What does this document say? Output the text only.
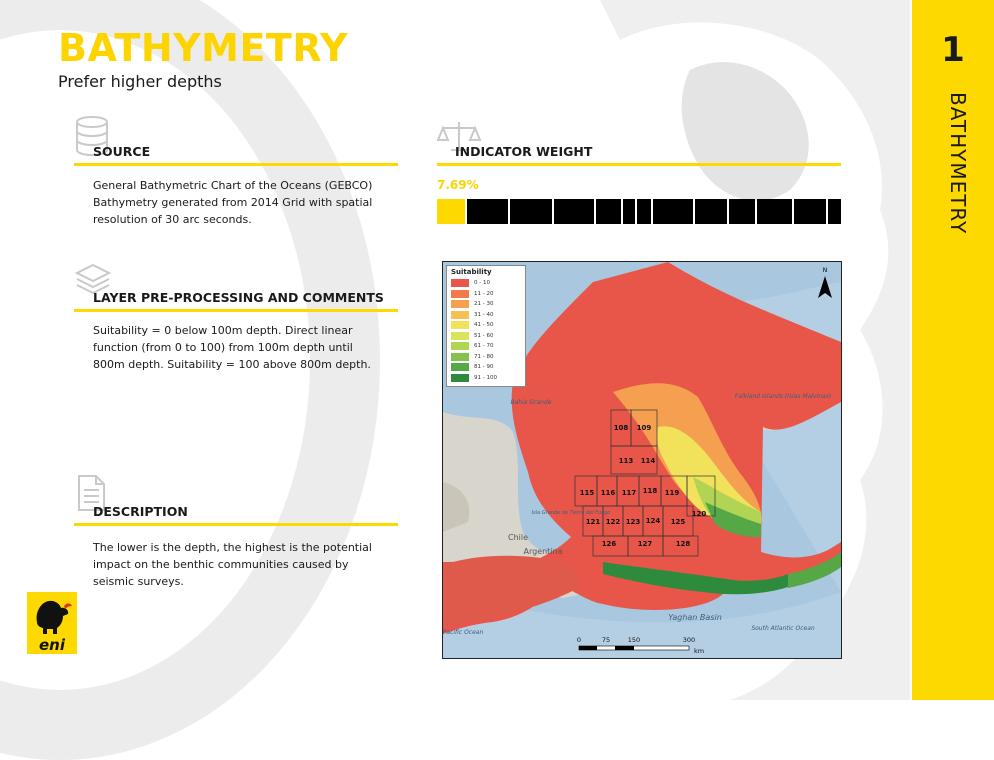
1
BATHYMETRY
BATHYMETRY
Prefer higher depths
SOURCE
General Bathymetric Chart of the Oceans (GEBCO) Bathymetry generated from 2014 Grid with spatial resolution of 30 arc seconds.
INDICATOR WEIGHT
7.69%
LAYER PRE-PROCESSING AND COMMENTS
Suitability = 0 below 100m depth. Direct linear function (from 0 to 100) from 100m depth until 800m depth. Suitability = 100 above 800m depth.
DESCRIPTION
The lower is the depth, the highest is the potential impact on the benthic communities caused by seismic surveys.
108 109
113 114
115 116 117 118 119
120
121 122 123 124 125
126	127	128
Bahia Grande
Falkland Islands (Islas Malvinas)
Isla Grande de Tierra del Fuego
South Atlantic Ocean
Pacific Ocean
Yaghan Basin
Chile
Argentina
N
0	75	150	300
km
Suitability
0 - 10
11 - 20
21 - 30
31 - 40
41 - 50
51 - 60
61 - 70
71 - 80
81 - 90
91 - 100
eni
